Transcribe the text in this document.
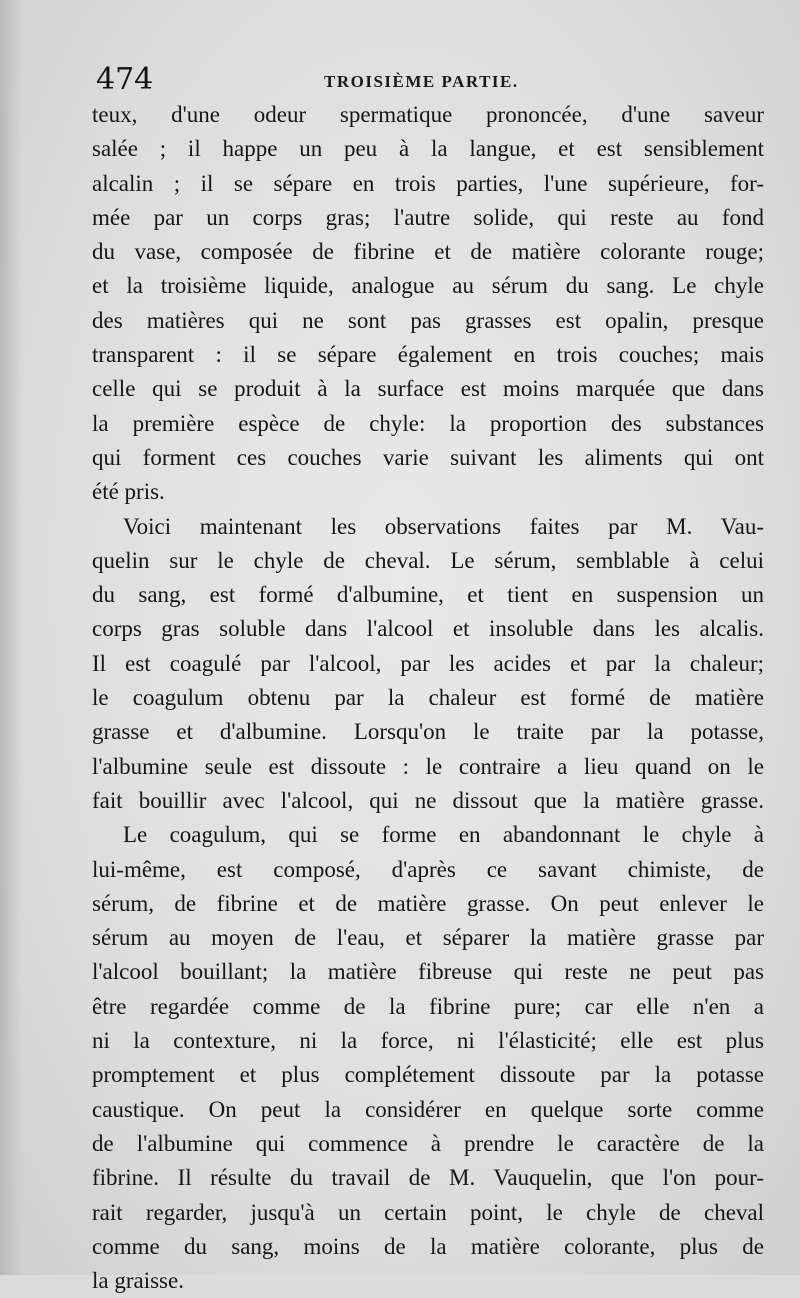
474	TROISIÈME PARTIE.
teux, d'une odeur spermatique prononcée, d'une saveur
salée ; il happe un peu à la langue, et est sensiblement
alcalin ; il se sépare en trois parties, l'une supérieure, for-
mée par un corps gras; l'autre solide, qui reste au fond
du vase, composée de fibrine et de matière colorante rouge;
et la troisième liquide, analogue au sérum du sang. Le chyle
des matières qui ne sont pas grasses est opalin, presque
transparent : il se sépare également en trois couches; mais
celle qui se produit à la surface est moins marquée que dans
la première espèce de chyle: la proportion des substances
qui forment ces couches varie suivant les aliments qui ont
été pris.
Voici maintenant les observations faites par M. Vau-
quelin sur le chyle de cheval. Le sérum, semblable à celui
du sang, est formé d'albumine, et tient en suspension un
corps gras soluble dans l'alcool et insoluble dans les alcalis.
Il est coagulé par l'alcool, par les acides et par la chaleur;
le coagulum obtenu par la chaleur est formé de matière
grasse et d'albumine. Lorsqu'on le traite par la potasse,
l'albumine seule est dissoute : le contraire a lieu quand on le
fait bouillir avec l'alcool, qui ne dissout que la matière grasse.
Le coagulum, qui se forme en abandonnant le chyle à
lui-même, est composé, d'après ce savant chimiste, de
sérum, de fibrine et de matière grasse. On peut enlever le
sérum au moyen de l'eau, et séparer la matière grasse par
l'alcool bouillant; la matière fibreuse qui reste ne peut pas
être regardée comme de la fibrine pure; car elle n'en a
ni la contexture, ni la force, ni l'élasticité; elle est plus
promptement et plus complétement dissoute par la potasse
caustique. On peut la considérer en quelque sorte comme
de l'albumine qui commence à prendre le caractère de la
fibrine. Il résulte du travail de M. Vauquelin, que l'on pour-
rait regarder, jusqu'à un certain point, le chyle de cheval
comme du sang, moins de la matière colorante, plus de
la graisse.
